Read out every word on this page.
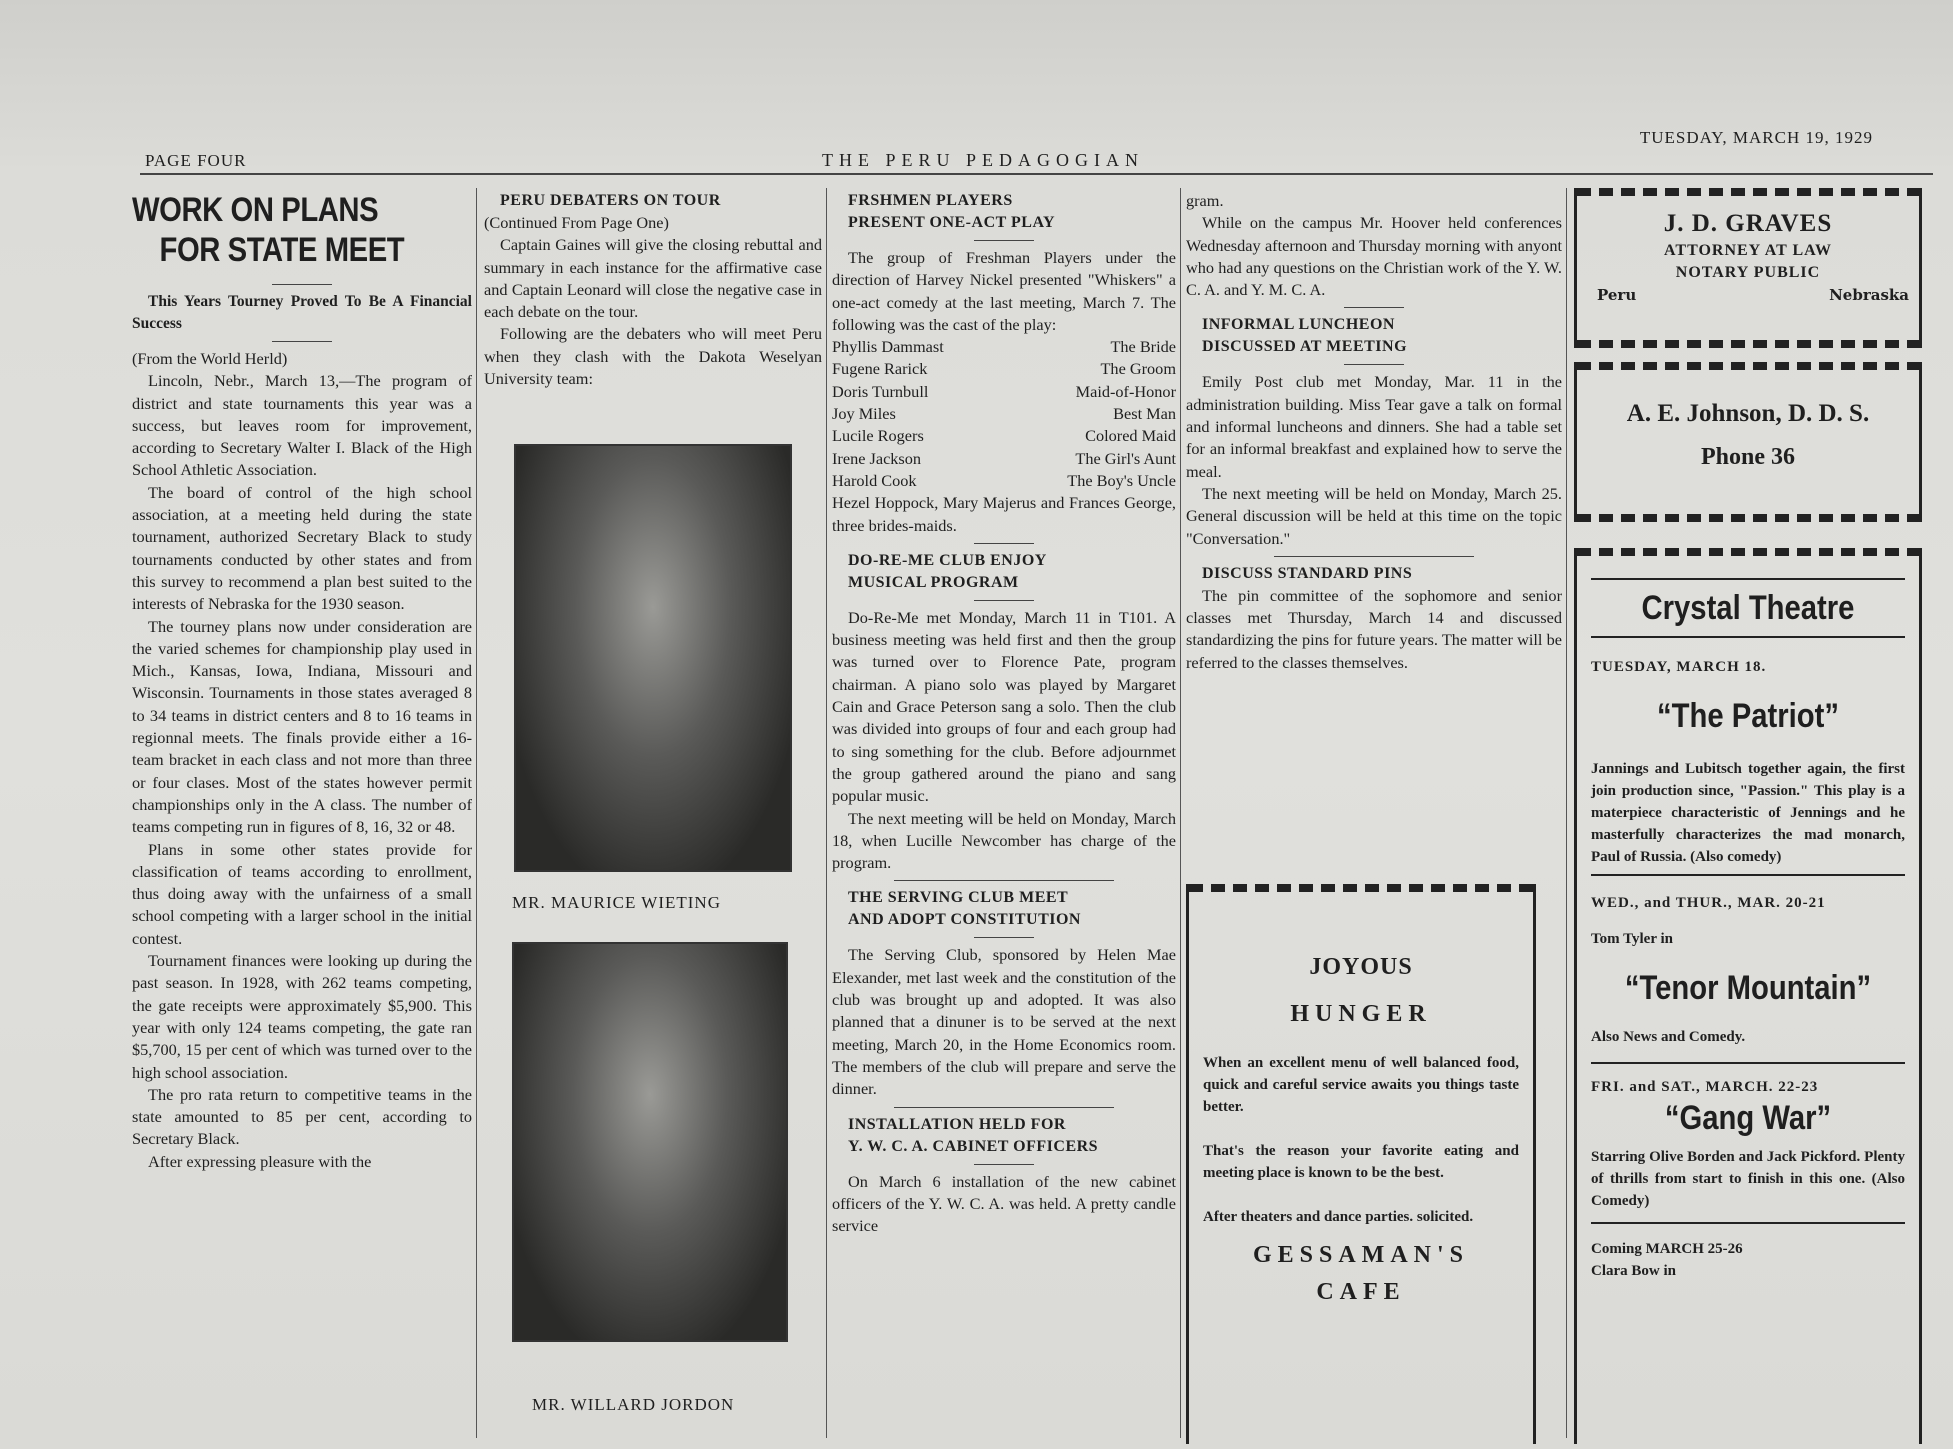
PAGE FOUR	THE PERU PEDAGOGIAN
TUESDAY, MARCH 19, 1929
WORK ON PLANS
FOR STATE MEET

This Years Tourney Proved To Be A Financial Success

(From the World Herld)

Lincoln, Nebr., March 13,—The program of district and state tournaments this year was a success, but leaves room for improvement, according to Secretary Walter I. Black of the High School Athletic Association.

The board of control of the high school association, at a meeting held during the state tournament, authorized Secretary Black to study tournaments conducted by other states and from this survey to recommend a plan best suited to the interests of Nebraska for the 1930 season.

The tourney plans now under consideration are the varied schemes for championship play used in Mich., Kansas, Iowa, Indiana, Missouri and Wisconsin. Tournaments in those states averaged 8 to 34 teams in district centers and 8 to 16 teams in regionnal meets. The finals provide either a 16-team bracket in each class and not more than three or four clases. Most of the states however permit championships only in the A class. The number of teams competing run in figures of 8, 16, 32 or 48.

Plans in some other states provide for classification of teams according to enrollment, thus doing away with the unfairness of a small school competing with a larger school in the initial contest.

Tournament finances were looking up during the past season. In 1928, with 262 teams competing, the gate receipts were approximately $5,900. This year with only 124 teams competing, the gate ran $5,700, 15 per cent of which was turned over to the high school association.

The pro rata return to competitive teams in the state amounted to 85 per cent, according to Secretary Black.

After expressing pleasure with the

PERU DEBATERS ON TOUR

(Continued From Page One)

Captain Gaines will give the closing rebuttal and summary in each instance for the affirmative case and Captain Leonard will close the negative case in each debate on the tour.

Following are the debaters who will meet Peru when they clash with the Dakota Weselyan University team:

MR. MAURICE WIETING
MR. WILLARD JORDON

FRSHMEN PLAYERS

PRESENT ONE-ACT PLAY

The group of Freshman Players under the direction of Harvey Nickel presented "Whiskers" a one-act comedy at the last meeting, March 7. The following was the cast of the play:

Phyllis Dammast	The Bride
Fugene Rarick	The Groom
Doris Turnbull	Maid-of-Honor
Joy Miles	Best Man
Lucile Rogers	Colored Maid
Irene Jackson	The Girl's Aunt
Harold Cook	The Boy's Uncle

Hezel Hoppock, Mary Majerus and Frances George, three brides-maids.

DO-RE-ME CLUB ENJOY

MUSICAL PROGRAM

Do-Re-Me met Monday, March 11 in T101. A business meeting was held first and then the group was turned over to Florence Pate, program chairman. A piano solo was played by Margaret Cain and Grace Peterson sang a solo. Then the club was divided into groups of four and each group had to sing something for the club. Before adjournmet the group gathered around the piano and sang popular music.

The next meeting will be held on Monday, March 18, when Lucille Newcomber has charge of the program.

THE SERVING CLUB MEET

AND ADOPT CONSTITUTION

The Serving Club, sponsored by Helen Mae Elexander, met last week and the constitution of the club was brought up and adopted. It was also planned that a dinuner is to be served at the next meeting, March 20, in the Home Economics room. The members of the club will prepare and serve the dinner.

INSTALLATION HELD FOR

Y. W. C. A. CABINET OFFICERS

On March 6 installation of the new cabinet officers of the Y. W. C. A. was held. A pretty candle service

gram.

While on the campus Mr. Hoover held conferences Wednesday afternoon and Thursday morning with anyont who had any questions on the Christian work of the Y. W. C. A. and Y. M. C. A.

INFORMAL LUNCHEON

DISCUSSED AT MEETING

Emily Post club met Monday, Mar. 11 in the administration building. Miss Tear gave a talk on formal and informal luncheons and dinners. She had a table set for an informal breakfast and explained how to serve the meal.

The next meeting will be held on Monday, March 25. General discussion will be held at this time on the topic "Conversation."

DISCUSS STANDARD PINS

The pin committee of the sophomore and senior classes met Thursday, March 14 and discussed standardizing the pins for future years. The matter will be referred to the classes themselves.

JOYOUS
HUNGER

When an excellent menu of well balanced food, quick and careful service awaits you things taste better.

That's the reason your favorite eating and meeting place is known to be the best.

After theaters and dance parties. solicited.

GESSAMAN'S
CAFE
J. D. GRAVES
ATTORNEY AT LAW
NOTARY PUBLIC
Peru	Nebraska
A. E. Johnson, D. D. S.
Phone 36
Crystal Theatre

TUESDAY, MARCH 18.

“The Patriot”

Jannings and Lubitsch together again, the first join production since, "Passion." This play is a materpiece characteristic of Jennings and he masterfully characterizes the mad monarch, Paul of Russia. (Also comedy)

WED., and THUR., MAR. 20-21

Tom Tyler in

“Tenor Mountain”

Also News and Comedy.

FRI. and SAT., MARCH. 22-23

“Gang War”

Starring Olive Borden and Jack Pickford. Plenty of thrills from start to finish in this one. (Also Comedy)

Coming MARCH 25-26

Clara Bow in
